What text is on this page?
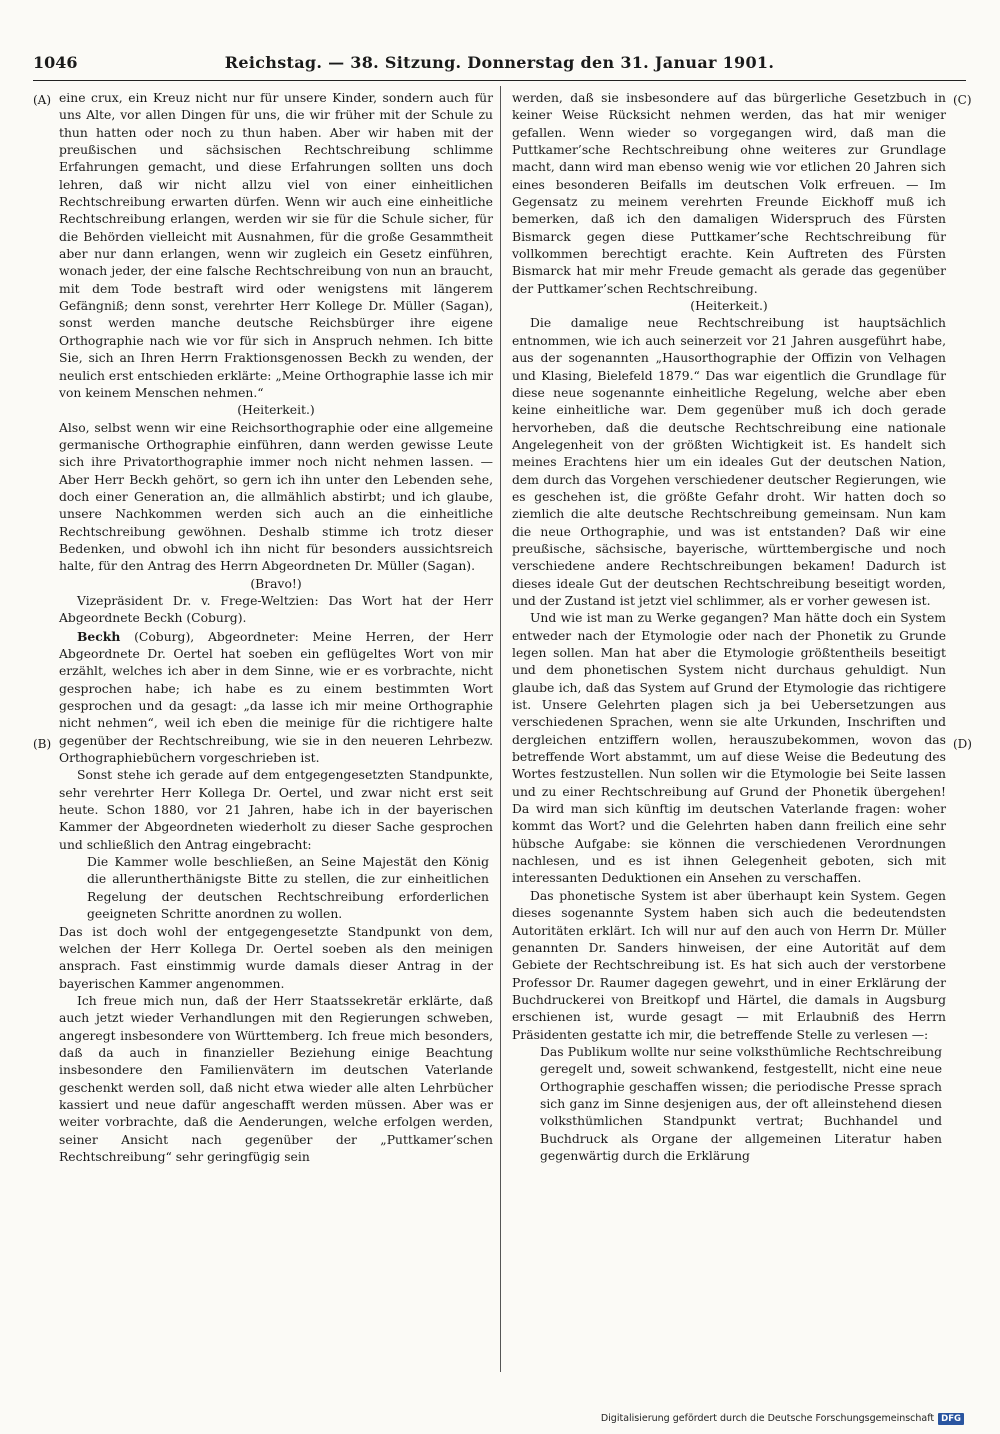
1046	Reichstag. — 38. Sitzung. Donnerstag den 31. Januar 1901.
(A)
(B)
(C)
(D)

eine crux, ein Kreuz nicht nur für unsere Kinder, sondern auch für uns Alte, vor allen Dingen für uns, die wir früher mit der Schule zu thun hatten oder noch zu thun haben. Aber wir haben mit der preußischen und sächsischen Rechtschreibung schlimme Erfahrungen gemacht, und diese Erfahrungen sollten uns doch lehren, daß wir nicht allzu viel von einer einheitlichen Rechtschreibung erwarten dürfen. Wenn wir auch eine einheitliche Rechtschreibung erlangen, werden wir sie für die Schule sicher, für die Behörden vielleicht mit Ausnahmen, für die große Gesammtheit aber nur dann erlangen, wenn wir zugleich ein Gesetz einführen, wonach jeder, der eine falsche Rechtschreibung von nun an braucht, mit dem Tode bestraft wird oder wenigstens mit längerem Gefängniß; denn sonst, verehrter Herr Kollege Dr. Müller (Sagan), sonst werden manche deutsche Reichsbürger ihre eigene Orthographie nach wie vor für sich in Anspruch nehmen. Ich bitte Sie, sich an Ihren Herrn Fraktionsgenossen Beckh zu wenden, der neulich erst entschieden erklärte: „Meine Orthographie lasse ich mir von keinem Menschen nehmen.“

(Heiterkeit.)

Also, selbst wenn wir eine Reichsorthographie oder eine allgemeine germanische Orthographie einführen, dann werden gewisse Leute sich ihre Privatorthographie immer noch nicht nehmen lassen. — Aber Herr Beckh gehört, so gern ich ihn unter den Lebenden sehe, doch einer Generation an, die allmählich abstirbt; und ich glaube, unsere Nachkommen werden sich auch an die einheitliche Rechtschreibung gewöhnen. Deshalb stimme ich trotz dieser Bedenken, und obwohl ich ihn nicht für besonders aussichtsreich halte, für den Antrag des Herrn Abgeordneten Dr. Müller (Sagan).

(Bravo!)

Vizepräsident Dr. v. Frege-Weltzien: Das Wort hat der Herr Abgeordnete Beckh (Coburg).

Beckh (Coburg), Abgeordneter: Meine Herren, der Herr Abgeordnete Dr. Oertel hat soeben ein geflügeltes Wort von mir erzählt, welches ich aber in dem Sinne, wie er es vorbrachte, nicht gesprochen habe; ich habe es zu einem bestimmten Wort gesprochen und da gesagt: „da lasse ich mir meine Orthographie nicht nehmen“, weil ich eben die meinige für die richtigere halte gegenüber der Rechtschreibung, wie sie in den neueren Lehrbezw. Orthographiebüchern vorgeschrieben ist.

Sonst stehe ich gerade auf dem entgegengesetzten Standpunkte, sehr verehrter Herr Kollega Dr. Oertel, und zwar nicht erst seit heute. Schon 1880, vor 21 Jahren, habe ich in der bayerischen Kammer der Abgeordneten wiederholt zu dieser Sache gesprochen und schließlich den Antrag eingebracht:

Die Kammer wolle beschließen, an Seine Majestät den König die alleruntherthänigste Bitte zu stellen, die zur einheitlichen Regelung der deutschen Rechtschreibung erforderlichen geeigneten Schritte anordnen zu wollen.

Das ist doch wohl der entgegengesetzte Standpunkt von dem, welchen der Herr Kollega Dr. Oertel soeben als den meinigen ansprach. Fast einstimmig wurde damals dieser Antrag in der bayerischen Kammer angenommen.

Ich freue mich nun, daß der Herr Staatssekretär erklärte, daß auch jetzt wieder Verhandlungen mit den Regierungen schweben, angeregt insbesondere von Württemberg. Ich freue mich besonders, daß da auch in finanzieller Beziehung einige Beachtung insbesondere den Familienvätern im deutschen Vaterlande geschenkt werden soll, daß nicht etwa wieder alle alten Lehrbücher kassiert und neue dafür angeschafft werden müssen. Aber was er weiter vorbrachte, daß die Aenderungen, welche erfolgen werden, seiner Ansicht nach gegenüber der „Puttkamer’schen Rechtschreibung“ sehr geringfügig sein

werden, daß sie insbesondere auf das bürgerliche Gesetzbuch in keiner Weise Rücksicht nehmen werden, das hat mir weniger gefallen. Wenn wieder so vorgegangen wird, daß man die Puttkamer’sche Rechtschreibung ohne weiteres zur Grundlage macht, dann wird man ebenso wenig wie vor etlichen 20 Jahren sich eines besonderen Beifalls im deutschen Volk erfreuen. — Im Gegensatz zu meinem verehrten Freunde Eickhoff muß ich bemerken, daß ich den damaligen Widerspruch des Fürsten Bismarck gegen diese Puttkamer’sche Rechtschreibung für vollkommen berechtigt erachte. Kein Auftreten des Fürsten Bismarck hat mir mehr Freude gemacht als gerade das gegenüber der Puttkamer’schen Rechtschreibung.

(Heiterkeit.)

Die damalige neue Rechtschreibung ist hauptsächlich entnommen, wie ich auch seinerzeit vor 21 Jahren ausgeführt habe, aus der sogenannten „Hausorthographie der Offizin von Velhagen und Klasing, Bielefeld 1879.“ Das war eigentlich die Grundlage für diese neue sogenannte einheitliche Regelung, welche aber eben keine einheitliche war. Dem gegenüber muß ich doch gerade hervorheben, daß die deutsche Rechtschreibung eine nationale Angelegenheit von der größten Wichtigkeit ist. Es handelt sich meines Erachtens hier um ein ideales Gut der deutschen Nation, dem durch das Vorgehen verschiedener deutscher Regierungen, wie es geschehen ist, die größte Gefahr droht. Wir hatten doch so ziemlich die alte deutsche Rechtschreibung gemeinsam. Nun kam die neue Orthographie, und was ist entstanden? Daß wir eine preußische, sächsische, bayerische, württembergische und noch verschiedene andere Rechtschreibungen bekamen! Dadurch ist dieses ideale Gut der deutschen Rechtschreibung beseitigt worden, und der Zustand ist jetzt viel schlimmer, als er vorher gewesen ist.

Und wie ist man zu Werke gegangen? Man hätte doch ein System entweder nach der Etymologie oder nach der Phonetik zu Grunde legen sollen. Man hat aber die Etymologie größtentheils beseitigt und dem phonetischen System nicht durchaus gehuldigt. Nun glaube ich, daß das System auf Grund der Etymologie das richtigere ist. Unsere Gelehrten plagen sich ja bei Uebersetzungen aus verschiedenen Sprachen, wenn sie alte Urkunden, Inschriften und dergleichen entziffern wollen, herauszubekommen, wovon das betreffende Wort abstammt, um auf diese Weise die Bedeutung des Wortes festzustellen. Nun sollen wir die Etymologie bei Seite lassen und zu einer Rechtschreibung auf Grund der Phonetik übergehen! Da wird man sich künftig im deutschen Vaterlande fragen: woher kommt das Wort? und die Gelehrten haben dann freilich eine sehr hübsche Aufgabe: sie können die verschiedenen Verordnungen nachlesen, und es ist ihnen Gelegenheit geboten, sich mit interessanten Deduktionen ein Ansehen zu verschaffen.

Das phonetische System ist aber überhaupt kein System. Gegen dieses sogenannte System haben sich auch die bedeutendsten Autoritäten erklärt. Ich will nur auf den auch von Herrn Dr. Müller genannten Dr. Sanders hinweisen, der eine Autorität auf dem Gebiete der Rechtschreibung ist. Es hat sich auch der verstorbene Professor Dr. Raumer dagegen gewehrt, und in einer Erklärung der Buchdruckerei von Breitkopf und Härtel, die damals in Augsburg erschienen ist, wurde gesagt — mit Erlaubniß des Herrn Präsidenten gestatte ich mir, die betreffende Stelle zu verlesen —:

Das Publikum wollte nur seine volksthümliche Rechtschreibung geregelt und, soweit schwankend, festgestellt, nicht eine neue Orthographie geschaffen wissen; die periodische Presse sprach sich ganz im Sinne desjenigen aus, der oft alleinstehend diesen volksthümlichen Standpunkt vertrat; Buchhandel und Buchdruck als Organe der allgemeinen Literatur haben gegenwärtig durch die Erklärung

Digitalisierung gefördert durch die Deutsche Forschungsgemeinschaft DFG
